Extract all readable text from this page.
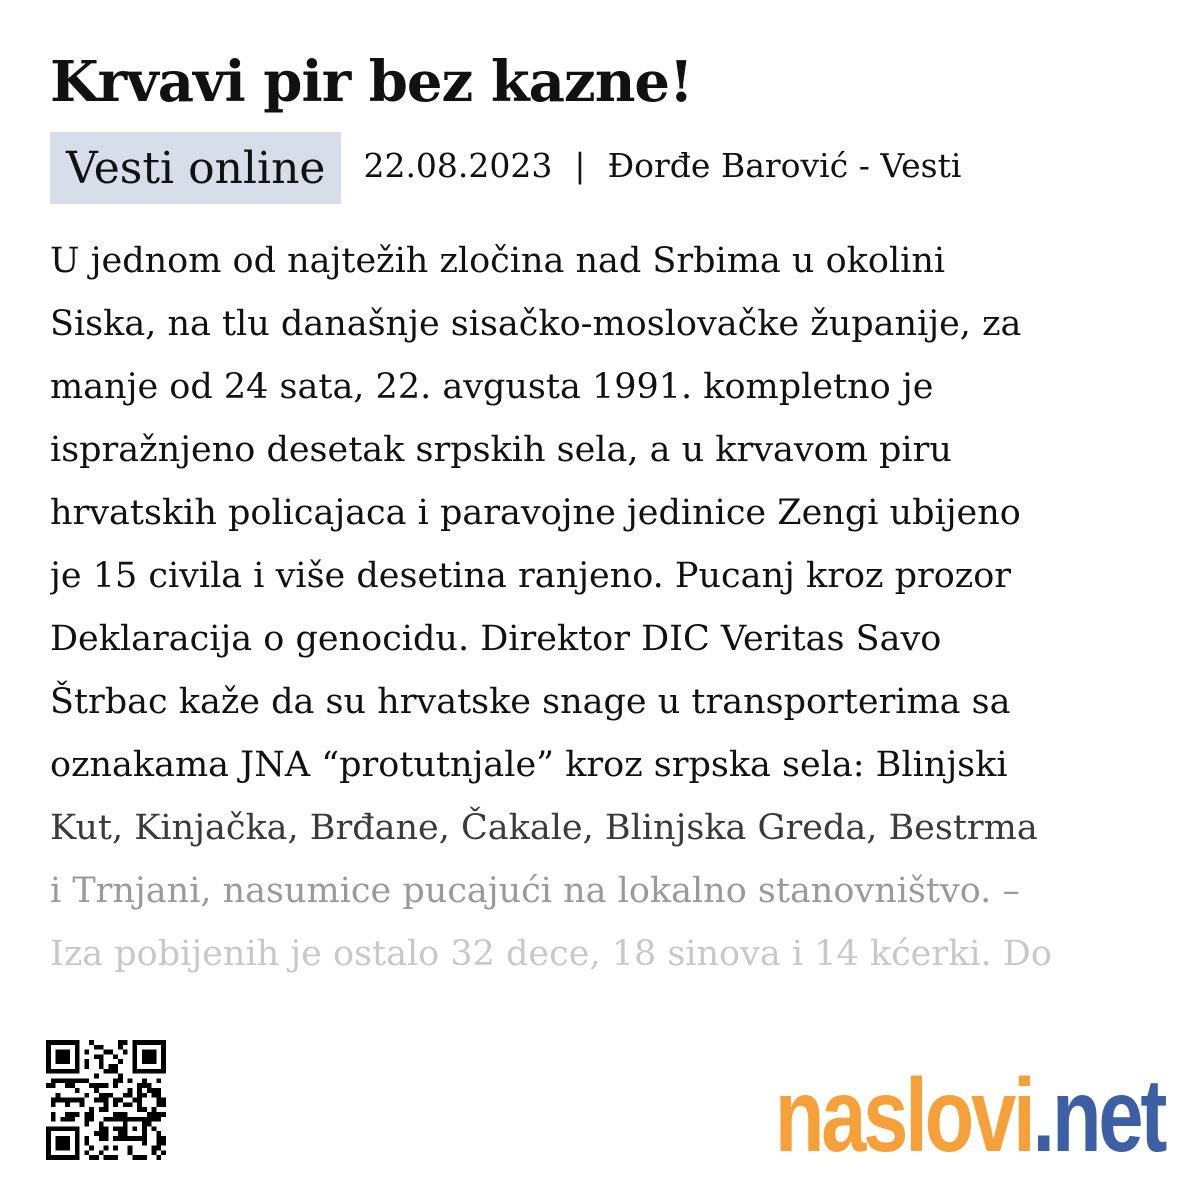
Krvavi pir bez kazne!
Vesti online	22.08.2023 | Đorđe Barović - Vesti
U jednom od najtežih zločina nad Srbima u okolini
Siska, na tlu današnje sisačko-moslovačke županije, za
manje od 24 sata, 22. avgusta 1991. kompletno je
ispražnjeno desetak srpskih sela, a u krvavom piru
hrvatskih policajaca i paravojne jedinice Zengi ubijeno
je 15 civila i više desetina ranjeno. Pucanj kroz prozor
Deklaracija o genocidu. Direktor DIC Veritas Savo
Štrbac kaže da su hrvatske snage u transporterima sa
oznakama JNA “protutnjale” kroz srpska sela: Blinjski
Kut, Kinjačka, Brđane, Čakale, Blinjska Greda, Bestrma
i Trnjani, nasumice pucajući na lokalno stanovništvo. –
Iza pobijenih je ostalo 32 dece, 18 sinova i 14 kćerki. Do
naslovi.net
